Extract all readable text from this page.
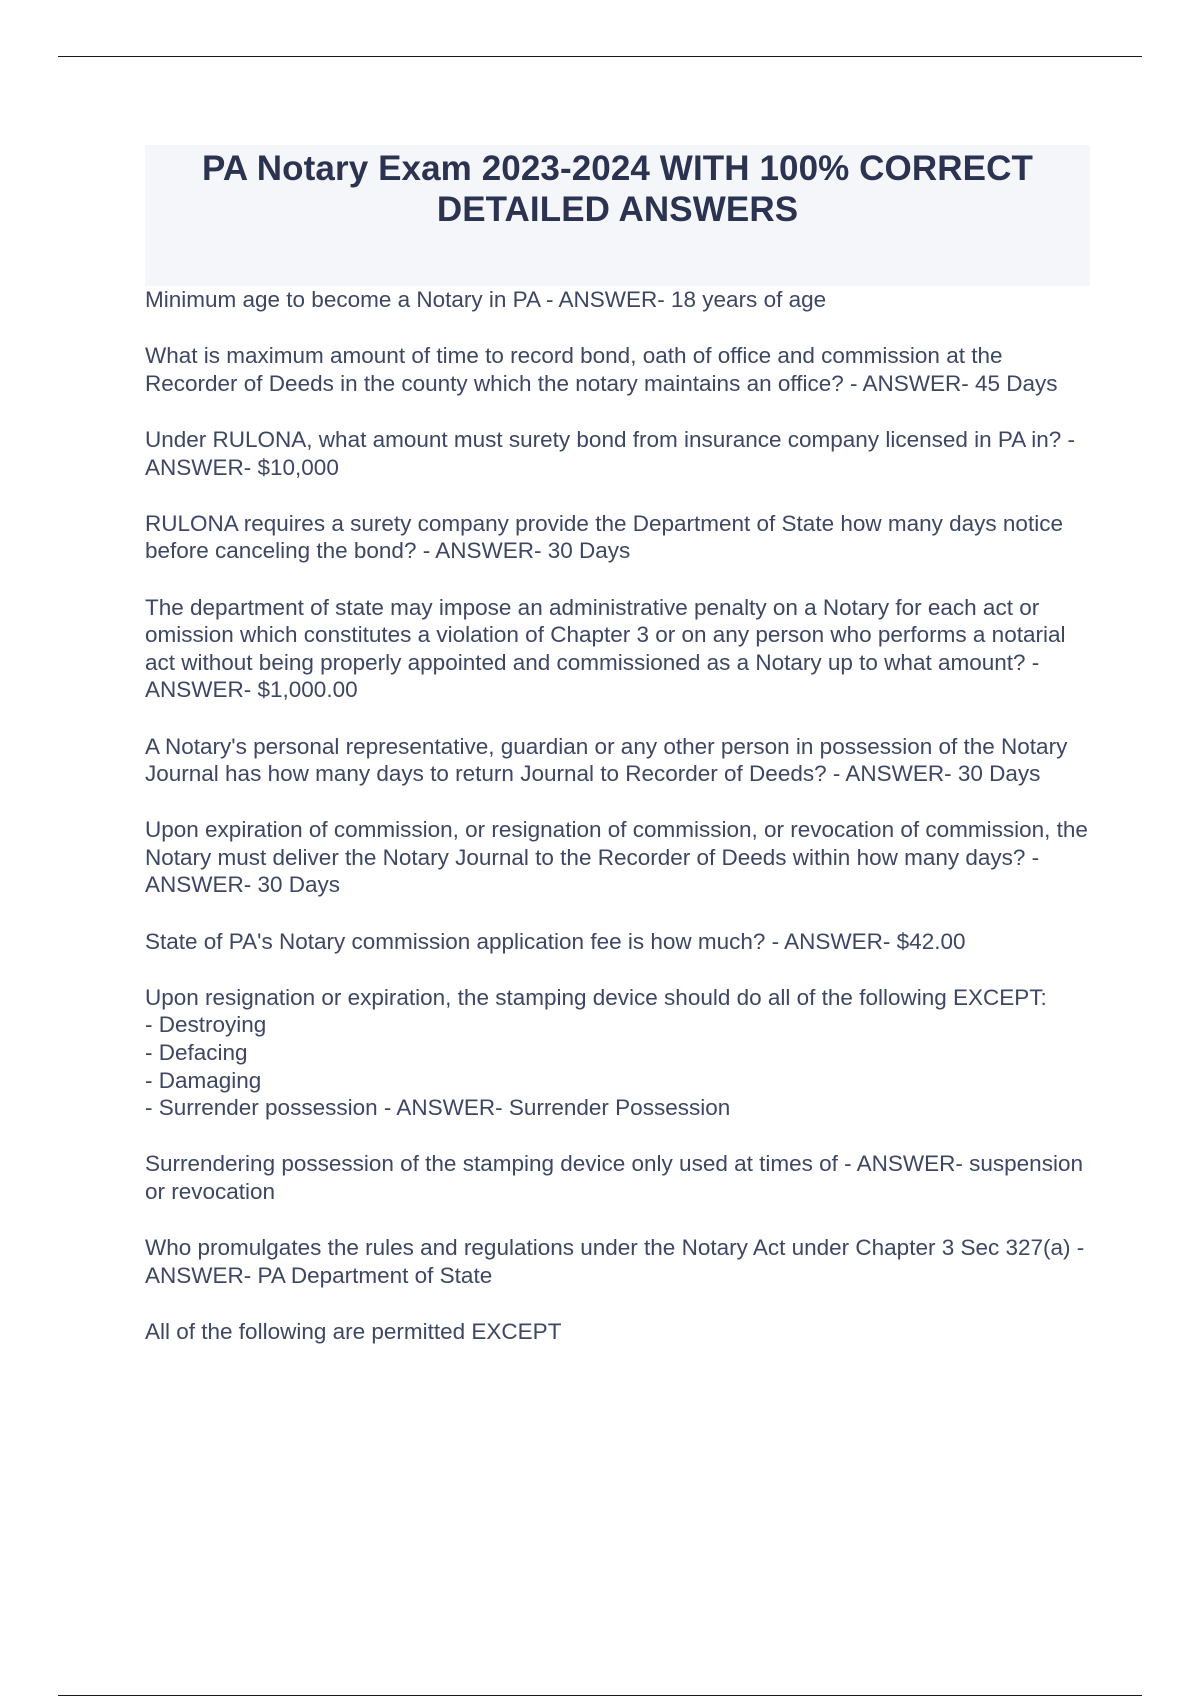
PA Notary Exam 2023-2024 WITH 100% CORRECT DETAILED ANSWERS
Minimum age to become a Notary in PA - ANSWER- 18 years of age
What is maximum amount of time to record bond, oath of office and commission at the Recorder of Deeds in the county which the notary maintains an office? - ANSWER- 45 Days
Under RULONA, what amount must surety bond from insurance company licensed in PA in? - ANSWER- $10,000
RULONA requires a surety company provide the Department of State how many days notice before canceling the bond? - ANSWER- 30 Days
The department of state may impose an administrative penalty on a Notary for each act or omission which constitutes a violation of Chapter 3 or on any person who performs a notarial act without being properly appointed and commissioned as a Notary up to what amount? - ANSWER- $1,000.00
A Notary's personal representative, guardian or any other person in possession of the Notary Journal has how many days to return Journal to Recorder of Deeds? - ANSWER- 30 Days
Upon expiration of commission, or resignation of commission, or revocation of commission, the Notary must deliver the Notary Journal to the Recorder of Deeds within how many days? - ANSWER- 30 Days
State of PA's Notary commission application fee is how much? - ANSWER- $42.00
Upon resignation or expiration, the stamping device should do all of the following EXCEPT:
- Destroying
- Defacing
- Damaging
- Surrender possession - ANSWER- Surrender Possession
Surrendering possession of the stamping device only used at times of - ANSWER- suspension or revocation
Who promulgates the rules and regulations under the Notary Act under Chapter 3 Sec 327(a) - ANSWER- PA Department of State
All of the following are permitted EXCEPT
